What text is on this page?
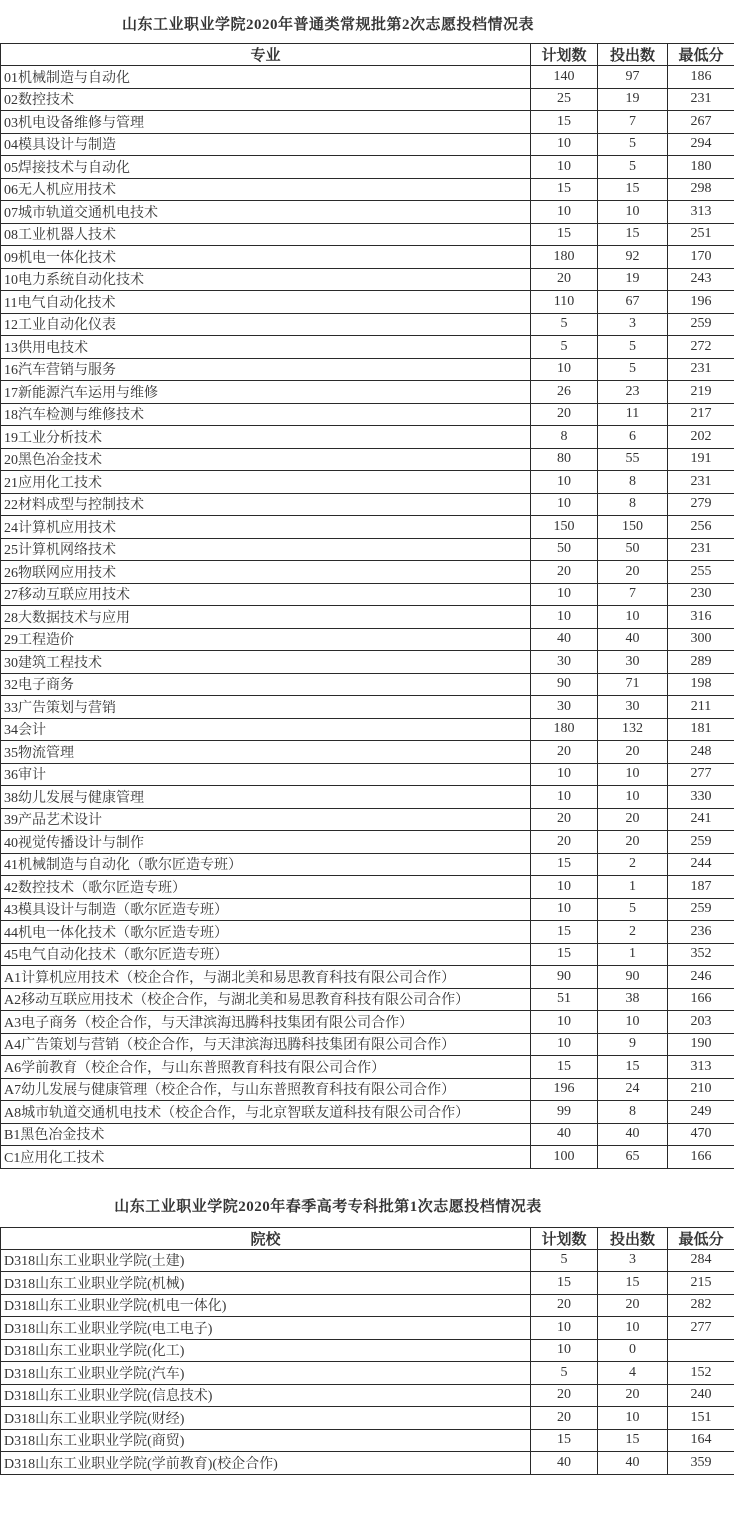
山东工业职业学院2020年普通类常规批第2次志愿投档情况表
专业	计划数	投出数	最低分
01机械制造与自动化	140	97	186
02数控技术	25	19	231
03机电设备维修与管理	15	7	267
04模具设计与制造	10	5	294
05焊接技术与自动化	10	5	180
06无人机应用技术	15	15	298
07城市轨道交通机电技术	10	10	313
08工业机器人技术	15	15	251
09机电一体化技术	180	92	170
10电力系统自动化技术	20	19	243
11电气自动化技术	110	67	196
12工业自动化仪表	5	3	259
13供用电技术	5	5	272
16汽车营销与服务	10	5	231
17新能源汽车运用与维修	26	23	219
18汽车检测与维修技术	20	11	217
19工业分析技术	8	6	202
20黑色冶金技术	80	55	191
21应用化工技术	10	8	231
22材料成型与控制技术	10	8	279
24计算机应用技术	150	150	256
25计算机网络技术	50	50	231
26物联网应用技术	20	20	255
27移动互联应用技术	10	7	230
28大数据技术与应用	10	10	316
29工程造价	40	40	300
30建筑工程技术	30	30	289
32电子商务	90	71	198
33广告策划与营销	30	30	211
34会计	180	132	181
35物流管理	20	20	248
36审计	10	10	277
38幼儿发展与健康管理	10	10	330
39产品艺术设计	20	20	241
40视觉传播设计与制作	20	20	259
41机械制造与自动化（歌尔匠造专班）	15	2	244
42数控技术（歌尔匠造专班）	10	1	187
43模具设计与制造（歌尔匠造专班）	10	5	259
44机电一体化技术（歌尔匠造专班）	15	2	236
45电气自动化技术（歌尔匠造专班）	15	1	352
A1计算机应用技术（校企合作，与湖北美和易思教育科技有限公司合作）	90	90	246
A2移动互联应用技术（校企合作，与湖北美和易思教育科技有限公司合作）	51	38	166
A3电子商务（校企合作，与天津滨海迅腾科技集团有限公司合作）	10	10	203
A4广告策划与营销（校企合作，与天津滨海迅腾科技集团有限公司合作）	10	9	190
A6学前教育（校企合作，与山东普照教育科技有限公司合作）	15	15	313
A7幼儿发展与健康管理（校企合作，与山东普照教育科技有限公司合作）	196	24	210
A8城市轨道交通机电技术（校企合作，与北京智联友道科技有限公司合作）	99	8	249
B1黑色冶金技术	40	40	470
C1应用化工技术	100	65	166
山东工业职业学院2020年春季高考专科批第1次志愿投档情况表
院校	计划数	投出数	最低分
D318山东工业职业学院(土建)	5	3	284
D318山东工业职业学院(机械)	15	15	215
D318山东工业职业学院(机电一体化)	20	20	282
D318山东工业职业学院(电工电子)	10	10	277
D318山东工业职业学院(化工)	10	0	
D318山东工业职业学院(汽车)	5	4	152
D318山东工业职业学院(信息技术)	20	20	240
D318山东工业职业学院(财经)	20	10	151
D318山东工业职业学院(商贸)	15	15	164
D318山东工业职业学院(学前教育)(校企合作)	40	40	359
